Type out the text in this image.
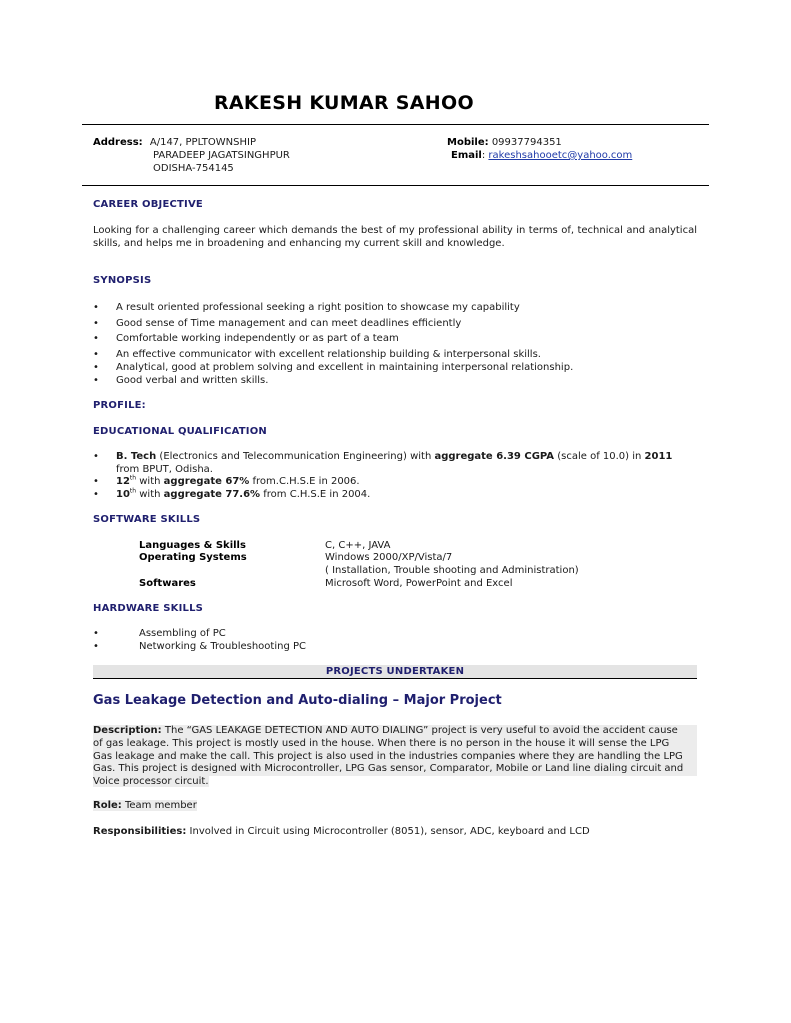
RAKESH KUMAR SAHOO
Address: A/147, PPLTOWNSHIP
PARADEEP JAGATSINGHPUR
ODISHA-754145
Mobile: 09937794351
Email: rakeshsahooetc@yahoo.com
CAREER OBJECTIVE
Looking for a challenging career which demands the best of my professional ability in terms of, technical and analytical skills, and helps me in broadening and enhancing my current skill and knowledge.
SYNOPSIS
• A result oriented professional seeking a right position to showcase my capability
• Good sense of Time management and can meet deadlines efficiently
• Comfortable working independently or as part of a team
• An effective communicator with excellent relationship building & interpersonal skills.
• Analytical, good at problem solving and excellent in maintaining interpersonal relationship.
• Good verbal and written skills.
PROFILE:
EDUCATIONAL QUALIFICATION
• B. Tech (Electronics and Telecommunication Engineering) with aggregate 6.39 CGPA (scale of 10.0) in 2011
from BPUT, Odisha.
• 12th with aggregate 67% from.C.H.S.E in 2006.
• 10th with aggregate 77.6% from C.H.S.E in 2004.
SOFTWARE SKILLS
Languages & Skills	C, C++, JAVA
Operating Systems	Windows 2000/XP/Vista/7
( Installation, Trouble shooting and Administration)
Softwares	Microsoft Word, PowerPoint and Excel
HARDWARE SKILLS
•	Assembling of PC
•	Networking & Troubleshooting PC
PROJECTS UNDERTAKEN
Gas Leakage Detection and Auto-dialing – Major Project
Description: The “GAS LEAKAGE DETECTION AND AUTO DIALING” project is very useful to avoid the accident cause
of gas leakage. This project is mostly used in the house. When there is no person in the house it will sense the LPG
Gas leakage and make the call. This project is also used in the industries companies where they are handling the LPG
Gas. This project is designed with Microcontroller, LPG Gas sensor, Comparator, Mobile or Land line dialing circuit and
Voice processor circuit.
Role: Team member
Responsibilities: Involved in Circuit using Microcontroller (8051), sensor, ADC, keyboard and LCD
